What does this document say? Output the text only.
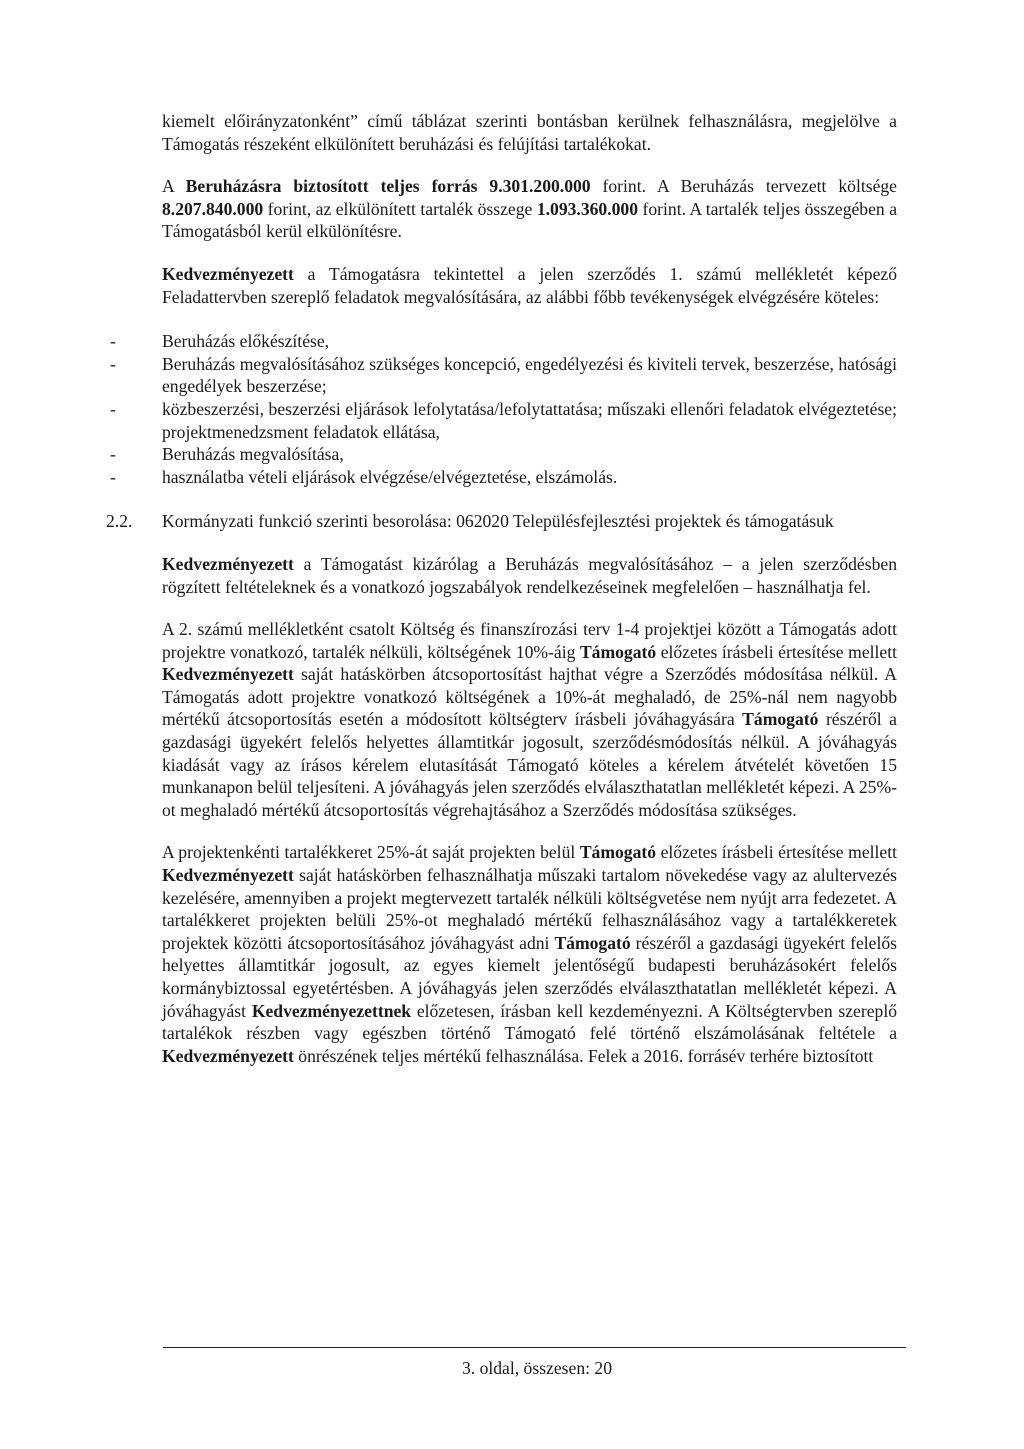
kiemelt előirányzatonként” című táblázat szerinti bontásban kerülnek felhasználásra, megjelölve a Támogatás részeként elkülönített beruházási és felújítási tartalékokat.

A Beruházásra biztosított teljes forrás 9.301.200.000 forint. A Beruházás tervezett költsége 8.207.840.000 forint, az elkülönített tartalék összege 1.093.360.000 forint. A tartalék teljes összegében a Támogatásból kerül elkülönítésre.

Kedvezményezett a Támogatásra tekintettel a jelen szerződés 1. számú mellékletét képező Feladattervben szereplő feladatok megvalósítására, az alábbi főbb tevékenységek elvégzésére köteles:

-	Beruházás előkészítése,
-	Beruházás megvalósításához szükséges koncepció, engedélyezési és kiviteli tervek, beszerzése, hatósági engedélyek beszerzése;
-	közbeszerzési, beszerzési eljárások lefolytatása/lefolytattatása; műszaki ellenőri feladatok elvégeztetése; projektmenedzsment feladatok ellátása,
-	Beruházás megvalósítása,
-	használatba vételi eljárások elvégzése/elvégeztetése, elszámolás.
2.2. Kormányzati funkció szerinti besorolása: 062020 Településfejlesztési projektek és támogatásuk

Kedvezményezett a Támogatást kizárólag a Beruházás megvalósításához – a jelen szerződésben rögzített feltételeknek és a vonatkozó jogszabályok rendelkezéseinek megfelelően – használhatja fel.

A 2. számú mellékletként csatolt Költség és finanszírozási terv 1-4 projektjei között a Támogatás adott projektre vonatkozó, tartalék nélküli, költségének 10%-áig Támogató előzetes írásbeli értesítése mellett Kedvezményezett saját hatáskörben átcsoportosítást hajthat végre a Szerződés módosítása nélkül. A Támogatás adott projektre vonatkozó költségének a 10%-át meghaladó, de 25%-nál nem nagyobb mértékű átcsoportosítás esetén a módosított költségterv írásbeli jóváhagyására Támogató részéről a gazdasági ügyekért felelős helyettes államtitkár jogosult, szerződésmódosítás nélkül. A jóváhagyás kiadását vagy az írásos kérelem elutasítását Támogató köteles a kérelem átvételét követően 15 munkanapon belül teljesíteni. A jóváhagyás jelen szerződés elválaszthatatlan mellékletét képezi. A 25%-ot meghaladó mértékű átcsoportosítás végrehajtásához a Szerződés módosítása szükséges.

A projektenkénti tartalékkeret 25%-át saját projekten belül Támogató előzetes írásbeli értesítése mellett Kedvezményezett saját hatáskörben felhasználhatja műszaki tartalom növekedése vagy az alultervezés kezelésére, amennyiben a projekt megtervezett tartalék nélküli költségvetése nem nyújt arra fedezetet. A tartalékkeret projekten belüli 25%-ot meghaladó mértékű felhasználásához vagy a tartalékkeretek projektek közötti átcsoportosításához jóváhagyást adni Támogató részéről a gazdasági ügyekért felelős helyettes államtitkár jogosult, az egyes kiemelt jelentőségű budapesti beruházásokért felelős kormánybiztossal egyetértésben. A jóváhagyás jelen szerződés elválaszthatatlan mellékletét képezi. A jóváhagyást Kedvezményezettnek előzetesen, írásban kell kezdeményezni. A Költségtervben szereplő tartalékok részben vagy egészben történő Támogató felé történő elszámolásának feltétele a Kedvezményezett önrészének teljes mértékű felhasználása. Felek a 2016. forrásév terhére biztosított

3. oldal, összesen: 20
